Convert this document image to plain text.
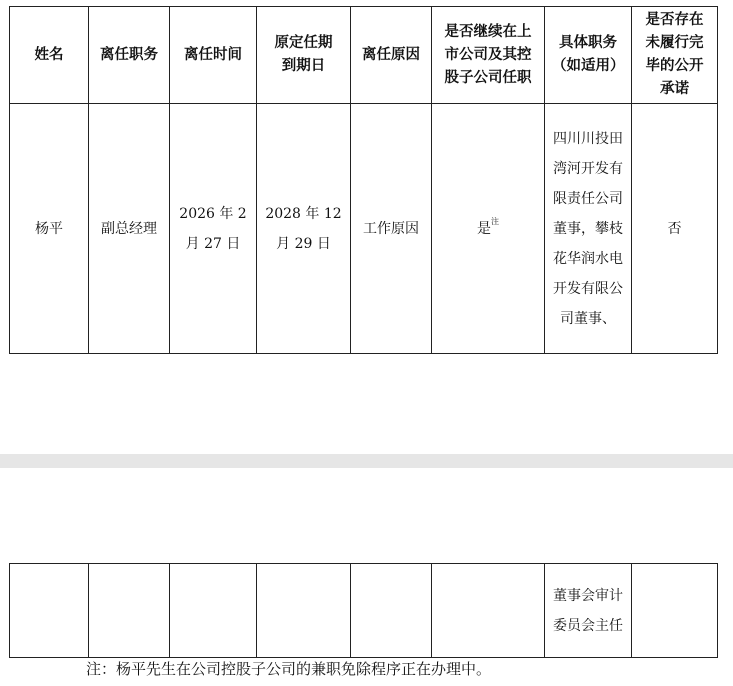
姓名	离任职务	离任时间	原定任期到期日	离任原因	是否继续在上市公司及其控股子公司任职	具体职务（如适用）	是否存在未履行完毕的公开承诺
杨平	副总经理	2026 年 2 月 27 日	2028 年 12 月 29 日	工作原因	是$^注$	四川川投田湾河开发有限责任公司董事，攀枝花华润水电开发有限公司董事、	否
						董事会审计委员会主任	
注：杨平先生在公司控股子公司的兼职免除程序正在办理中。
